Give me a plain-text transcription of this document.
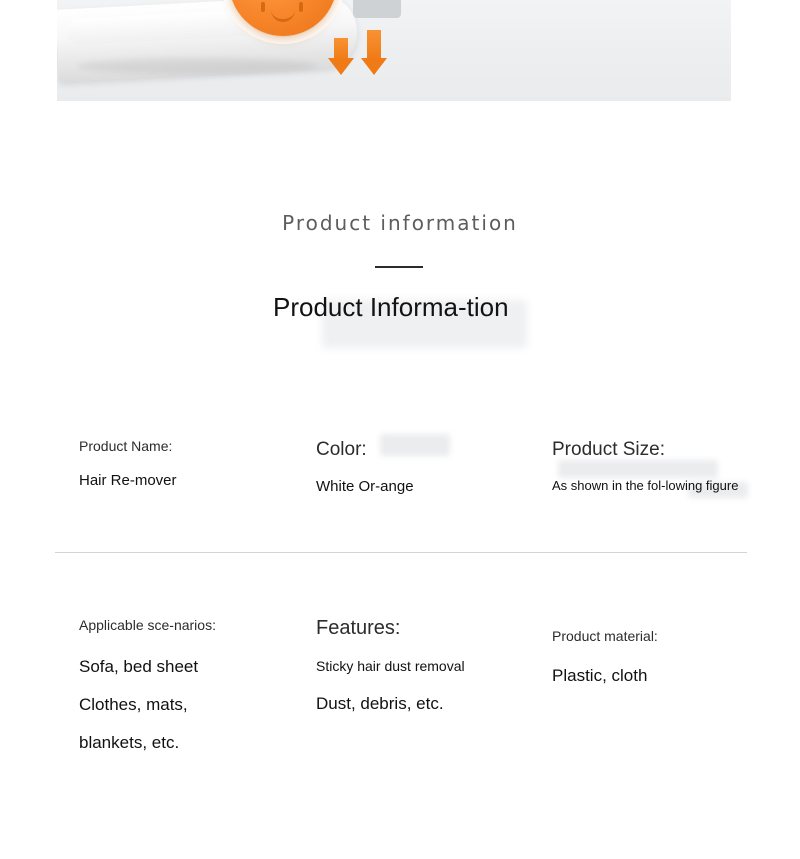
Product information
Product Informa-tion
Product Name:
Hair Re-mover
Color:
White Or-ange
Product Size:
As shown in the fol-lowing figure
Applicable sce-narios:
Sofa, bed sheet
Clothes, mats,
blankets, etc.
Features:
Sticky hair dust removal
Dust, debris, etc.
Product material:
Plastic, cloth
